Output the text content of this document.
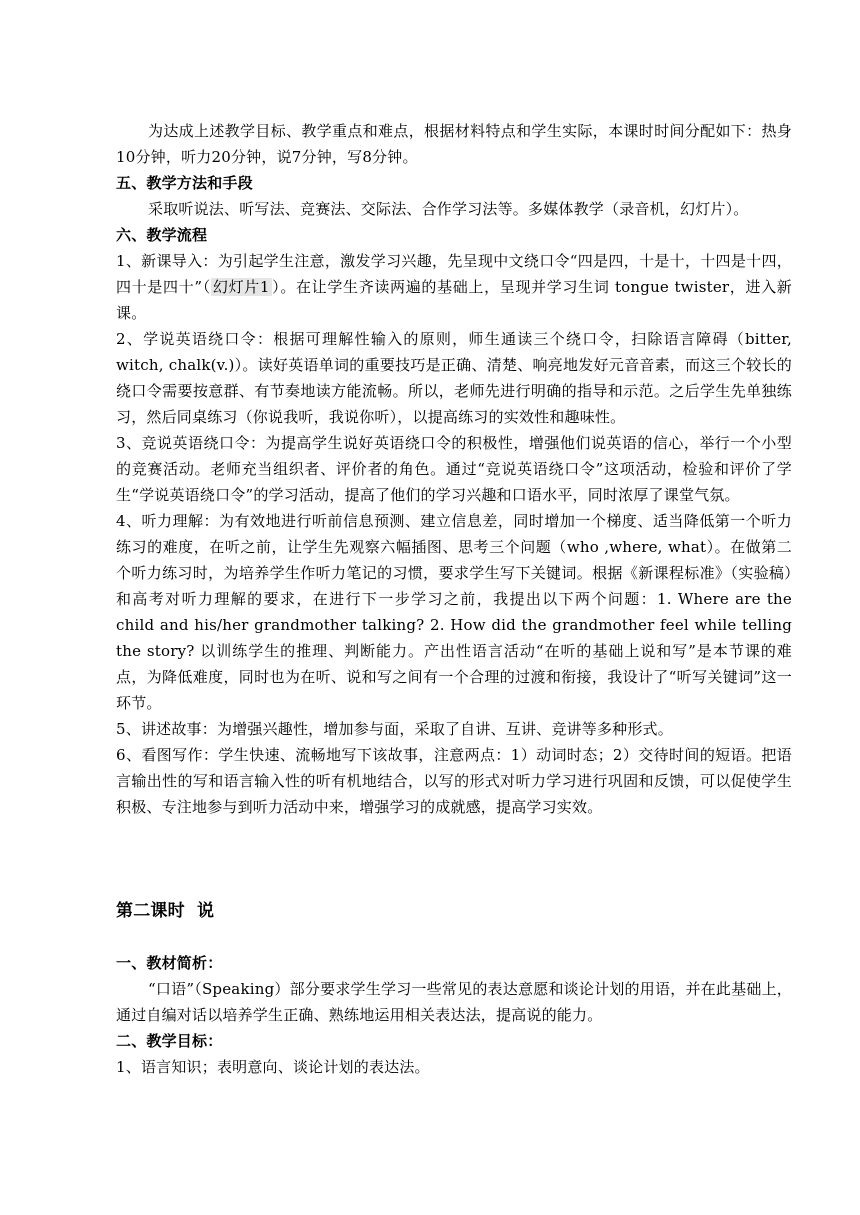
为达成上述教学目标、教学重点和难点，根据材料特点和学生实际，本课时时间分配如下：热身10分钟，听力20分钟，说7分钟，写8分钟。

五、教学方法和手段

采取听说法、听写法、竞赛法、交际法、合作学习法等。多媒体教学（录音机，幻灯片）。

六、教学流程

1、新课导入：为引起学生注意，激发学习兴趣，先呈现中文绕口令“四是四，十是十，十四是十四，四十是四十”（ 幻灯片1 ）。在让学生齐读两遍的基础上，呈现并学习生词 tongue twister，进入新课。

2、学说英语绕口令：根据可理解性输入的原则，师生通读三个绕口令，扫除语言障碍（bitter, witch, chalk(v.)）。读好英语单词的重要技巧是正确、清楚、响亮地发好元音音素，而这三个较长的绕口令需要按意群、有节奏地读方能流畅。所以，老师先进行明确的指导和示范。之后学生先单独练习，然后同桌练习（你说我听，我说你听），以提高练习的实效性和趣味性。

3、竞说英语绕口令：为提高学生说好英语绕口令的积极性，增强他们说英语的信心，举行一个小型的竞赛活动。老师充当组织者、评价者的角色。通过“竞说英语绕口令”这项活动，检验和评价了学生“学说英语绕口令”的学习活动，提高了他们的学习兴趣和口语水平，同时浓厚了课堂气氛。

4、听力理解：为有效地进行听前信息预测、建立信息差，同时增加一个梯度、适当降低第一个听力练习的难度，在听之前，让学生先观察六幅插图、思考三个问题（who ,where, what）。在做第二个听力练习时，为培养学生作听力笔记的习惯，要求学生写下关键词。根据《新课程标准》（实验稿）和高考对听力理解的要求，在进行下一步学习之前，我提出以下两个问题：1. Where are the child and his/her grandmother talking? 2. How did the grandmother feel while telling the story? 以训练学生的推理、判断能力。产出性语言活动“在听的基础上说和写”是本节课的难点，为降低难度，同时也为在听、说和写之间有一个合理的过渡和衔接，我设计了“听写关键词”这一环节。

5、讲述故事：为增强兴趣性，增加参与面，采取了自讲、互讲、竞讲等多种形式。

6、看图写作：学生快速、流畅地写下该故事，注意两点：1）动词时态；2）交待时间的短语。把语言输出性的写和语言输入性的听有机地结合，以写的形式对听力学习进行巩固和反馈，可以促使学生积极、专注地参与到听力活动中来，增强学习的成就感，提高学习实效。

第二课时  说

一、教材简析：

“口语”（Speaking）部分要求学生学习一些常见的表达意愿和谈论计划的用语，并在此基础上，通过自编对话以培养学生正确、熟练地运用相关表达法，提高说的能力。

二、教学目标：

1、语言知识；表明意向、谈论计划的表达法。
